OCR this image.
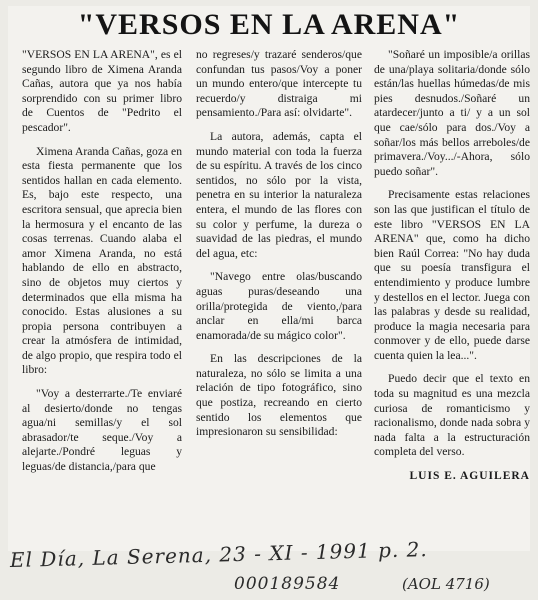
"VERSOS EN LA ARENA"

"VERSOS EN LA ARENA", es el segundo libro de Ximena Aranda Cañas, autora que ya nos había sorprendido con su primer libro de Cuentos de "Pedrito el pescador".

Ximena Aranda Cañas, goza en esta fiesta permanente que los sentidos hallan en cada elemento. Es, bajo este respecto, una escritora sensual, que aprecia bien la hermosura y el encanto de las cosas terrenas. Cuando alaba el amor Ximena Aranda, no está hablando de ello en abstracto, sino de objetos muy ciertos y determinados que ella misma ha conocido. Estas alusiones a su propia persona contribuyen a crear la atmósfera de intimidad, de algo propio, que respira todo el libro:

"Voy a desterrarte./Te enviaré al desierto/donde no tengas agua/ni semillas/y el sol abrasador/te seque./Voy a alejarte./Pondré leguas y leguas/de distancia,/para que

no regreses/y trazaré senderos/que confundan tus pasos/Voy a poner un mundo entero/que intercepte tu recuerdo/y distraiga mi pensamiento./Para así: olvidarte".

La autora, además, capta el mundo material con toda la fuerza de su espíritu. A través de los cinco sentidos, no sólo por la vista, penetra en su interior la naturaleza entera, el mundo de las flores con su color y perfume, la dureza o suavidad de las piedras, el mundo del agua, etc:

"Navego entre olas/buscando aguas puras/deseando una orilla/protegida de viento,/para anclar en ella/mi barca enamorada/de su mágico color".

En las descripciones de la naturaleza, no sólo se limita a una relación de tipo fotográfico, sino que postiza, recreando en cierto sentido los elementos que impresionaron su sensibilidad:

"Soñaré un imposible/a orillas de una/playa solitaria/donde sólo están/las huellas húmedas/de mis pies desnudos./Soñaré un atardecer/junto a ti/ y a un sol que cae/sólo para dos./Voy a soñar/los más bellos arreboles/de primavera./Voy.../-Ahora, sólo puedo soñar".

Precisamente estas relaciones son las que justifican el título de este libro "VERSOS EN LA ARENA" que, como ha dicho bien Raúl Correa: "No hay duda que su poesía transfigura el entendimiento y produce lumbre y destellos en el lector. Juega con las palabras y desde su realidad, produce la magia necesaria para conmover y de ello, puede darse cuenta quien la lea...".

Puedo decir que el texto en toda su magnitud es una mezcla curiosa de romanticismo y racionalismo, donde nada sobra y nada falta a la estructuración completa del verso.

LUIS E. AGUILERA

El Día, La Serena, 23 - XI - 1991 p. 2.
000189584	(AOL 4716)
